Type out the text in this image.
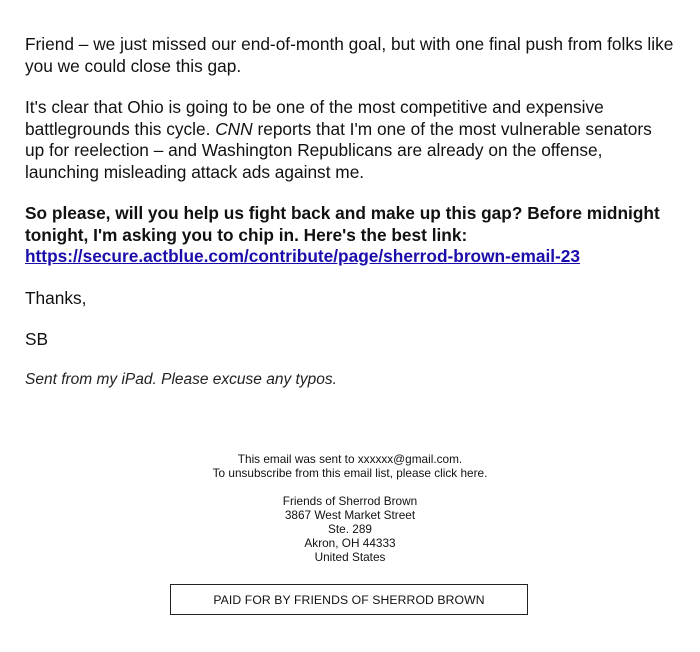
Friend – we just missed our end-of-month goal, but with one final push from folks like you we could close this gap.

It's clear that Ohio is going to be one of the most competitive and expensive battlegrounds this cycle. CNN reports that I'm one of the most vulnerable senators up for reelection – and Washington Republicans are already on the offense, launching misleading attack ads against me.

So please, will you help us fight back and make up this gap? Before midnight tonight, I'm asking you to chip in. Here's the best link: https://secure.actblue.com/contribute/page/sherrod-brown-email-23

Thanks,

SB

Sent from my iPad. Please excuse any typos.

This email was sent to xxxxxx@gmail.com.
To unsubscribe from this email list, please click here.
Friends of Sherrod Brown
3867 West Market Street
Ste. 289
Akron, OH 44333
United States
PAID FOR BY FRIENDS OF SHERROD BROWN
